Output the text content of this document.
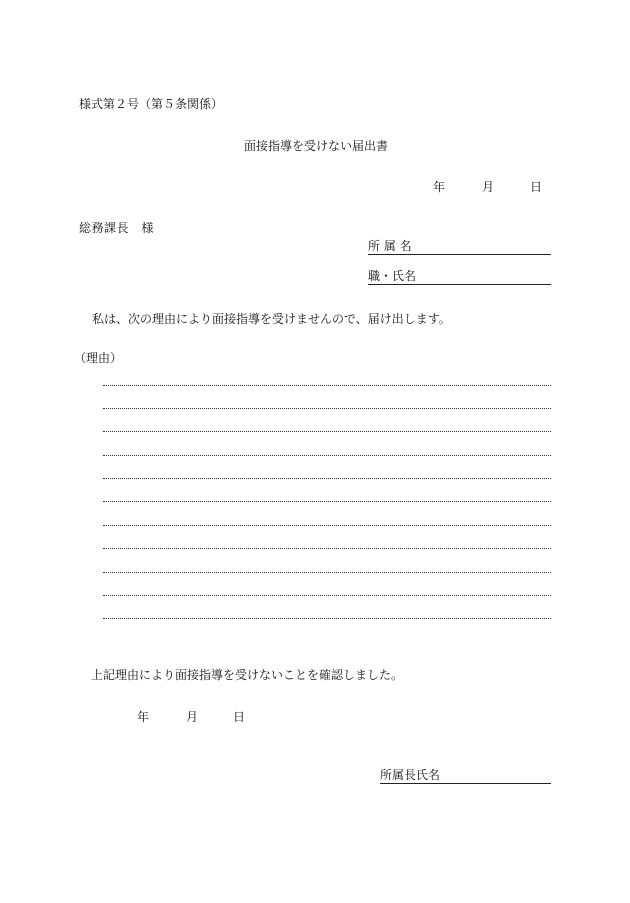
様式第２号（第５条関係）
面接指導を受けない届出書
年	月	日
総務課長　様
所 属 名
職・氏名
私は、次の理由により面接指導を受けませんので、届け出します。
（理由）
上記理由により面接指導を受けないことを確認しました。
年	月	日
所属長氏名
